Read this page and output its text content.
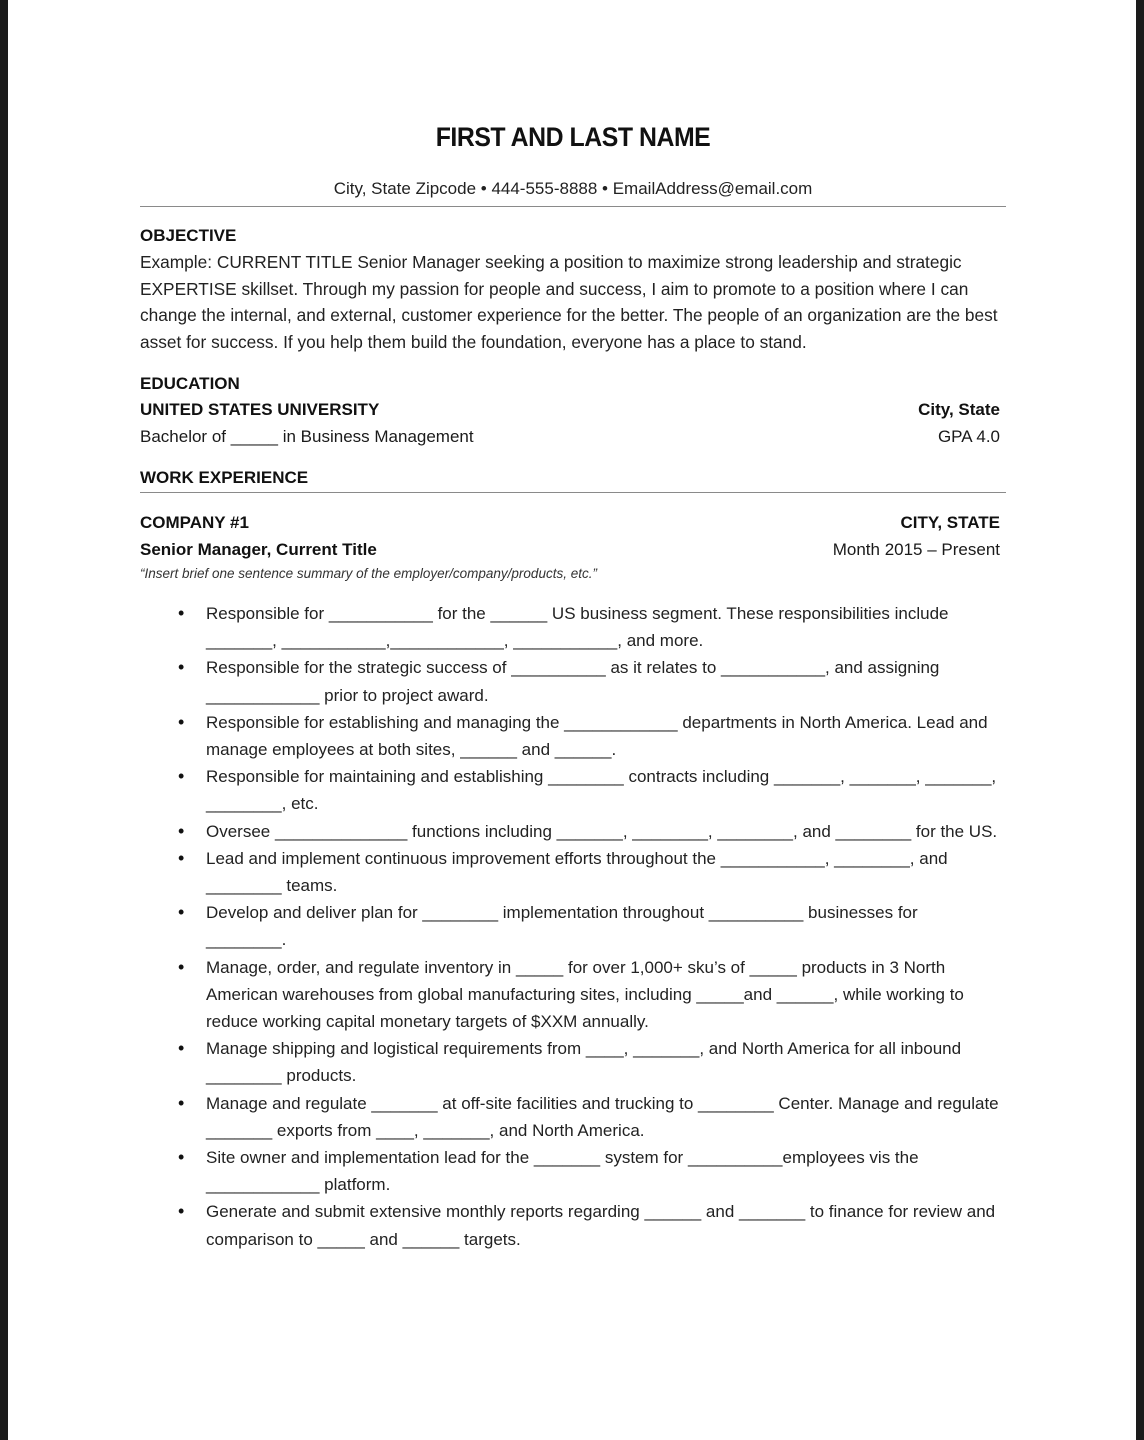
FIRST AND LAST NAME
City, State Zipcode • 444-555-8888 • EmailAddress@email.com
OBJECTIVE
Example: CURRENT TITLE Senior Manager seeking a position to maximize strong leadership and strategic EXPERTISE skillset. Through my passion for people and success, I aim to promote to a position where I can change the internal, and external, customer experience for the better. The people of an organization are the best asset for success. If you help them build the foundation, everyone has a place to stand.
EDUCATION
UNITED STATES UNIVERSITY	City, State
Bachelor of _____ in Business Management	GPA 4.0
WORK EXPERIENCE
COMPANY #1	CITY, STATE
Senior Manager, Current Title	Month 2015 – Present
“Insert brief one sentence summary of the employer/company/products, etc.”
• Responsible for ___________ for the ______ US business segment. These responsibilities include _______, ___________,____________, ___________, and more.
• Responsible for the strategic success of __________ as it relates to ___________, and assigning ____________ prior to project award.
• Responsible for establishing and managing the ____________ departments in North America. Lead and manage employees at both sites, ______ and ______.
• Responsible for maintaining and establishing ________ contracts including _______, _______, _______, ________, etc.
• Oversee ______________ functions including _______, ________, ________, and ________ for the US.
• Lead and implement continuous improvement efforts throughout the ___________, ________, and ________ teams.
• Develop and deliver plan for ________ implementation throughout __________ businesses for ________.
• Manage, order, and regulate inventory in _____ for over 1,000+ sku’s of _____ products in 3 North American warehouses from global manufacturing sites, including _____and ______, while working to reduce working capital monetary targets of $XXM annually.
• Manage shipping and logistical requirements from ____, _______, and North America for all inbound ________ products.
• Manage and regulate _______ at off-site facilities and trucking to ________ Center. Manage and regulate _______ exports from ____, _______, and North America.
• Site owner and implementation lead for the _______ system for __________employees vis the ____________ platform.
• Generate and submit extensive monthly reports regarding ______ and _______ to finance for review and comparison to _____ and ______ targets.
